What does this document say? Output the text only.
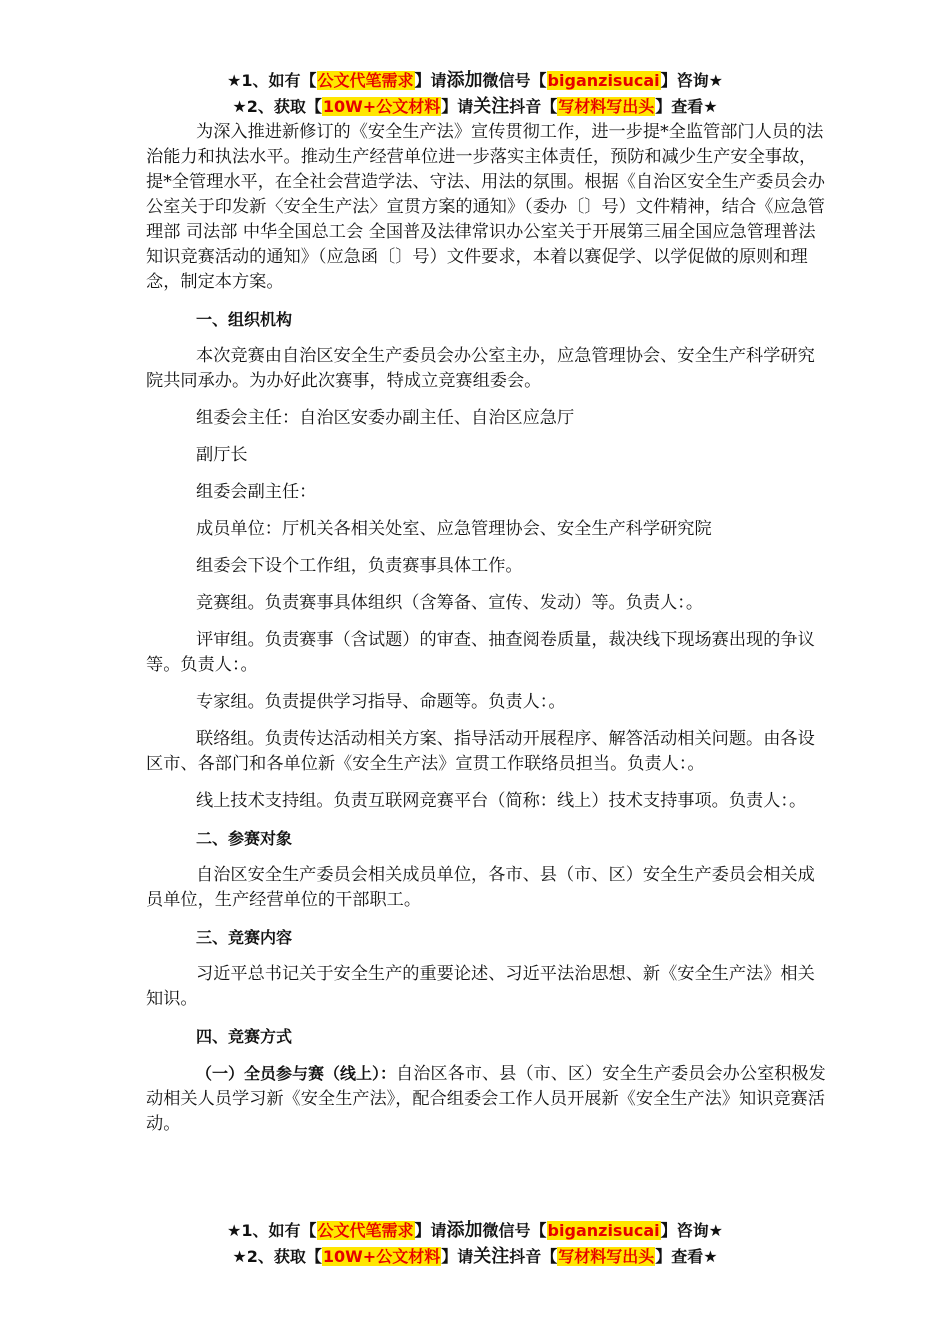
★1、如有【公文代笔需求】请添加微信号【biganzisucai】咨询★
★2、获取【10W+公文材料】请关注抖音【写材料写出头】查看★

为深入推进新修订的《安全生产法》宣传贯彻工作，进一步提*全监管部门人员的法治能力和执法水平。推动生产经营单位进一步落实主体责任，预防和减少生产安全事故，提*全管理水平，在全社会营造学法、守法、用法的氛围。根据《自治区安全生产委员会办公室关于印发新〈安全生产法〉宣贯方案的通知》（委办〔〕号）文件精神，结合《应急管理部 司法部 中华全国总工会 全国普及法律常识办公室关于开展第三届全国应急管理普法知识竞赛活动的通知》（应急函〔〕号）文件要求，本着以赛促学、以学促做的原则和理念，制定本方案。

一、组织机构

本次竞赛由自治区安全生产委员会办公室主办，应急管理协会、安全生产科学研究院共同承办。为办好此次赛事，特成立竞赛组委会。

组委会主任：自治区安委办副主任、自治区应急厅

副厅长

组委会副主任：

成员单位：厅机关各相关处室、应急管理协会、安全生产科学研究院

组委会下设个工作组，负责赛事具体工作。

竞赛组。负责赛事具体组织（含筹备、宣传、发动）等。负责人：。

评审组。负责赛事（含试题）的审查、抽查阅卷质量，裁决线下现场赛出现的争议等。负责人：。

专家组。负责提供学习指导、命题等。负责人：。

联络组。负责传达活动相关方案、指导活动开展程序、解答活动相关问题。由各设区市、各部门和各单位新《安全生产法》宣贯工作联络员担当。负责人：。

线上技术支持组。负责互联网竞赛平台（简称：线上）技术支持事项。负责人：。

二、参赛对象

自治区安全生产委员会相关成员单位，各市、县（市、区）安全生产委员会相关成员单位，生产经营单位的干部职工。

三、竞赛内容

习近平总书记关于安全生产的重要论述、习近平法治思想、新《安全生产法》相关知识。

四、竞赛方式

（一）全员参与赛（线上）：自治区各市、县（市、区）安全生产委员会办公室积极发动相关人员学习新《安全生产法》，配合组委会工作人员开展新《安全生产法》知识竞赛活动。

★1、如有【公文代笔需求】请添加微信号【biganzisucai】咨询★
★2、获取【10W+公文材料】请关注抖音【写材料写出头】查看★
